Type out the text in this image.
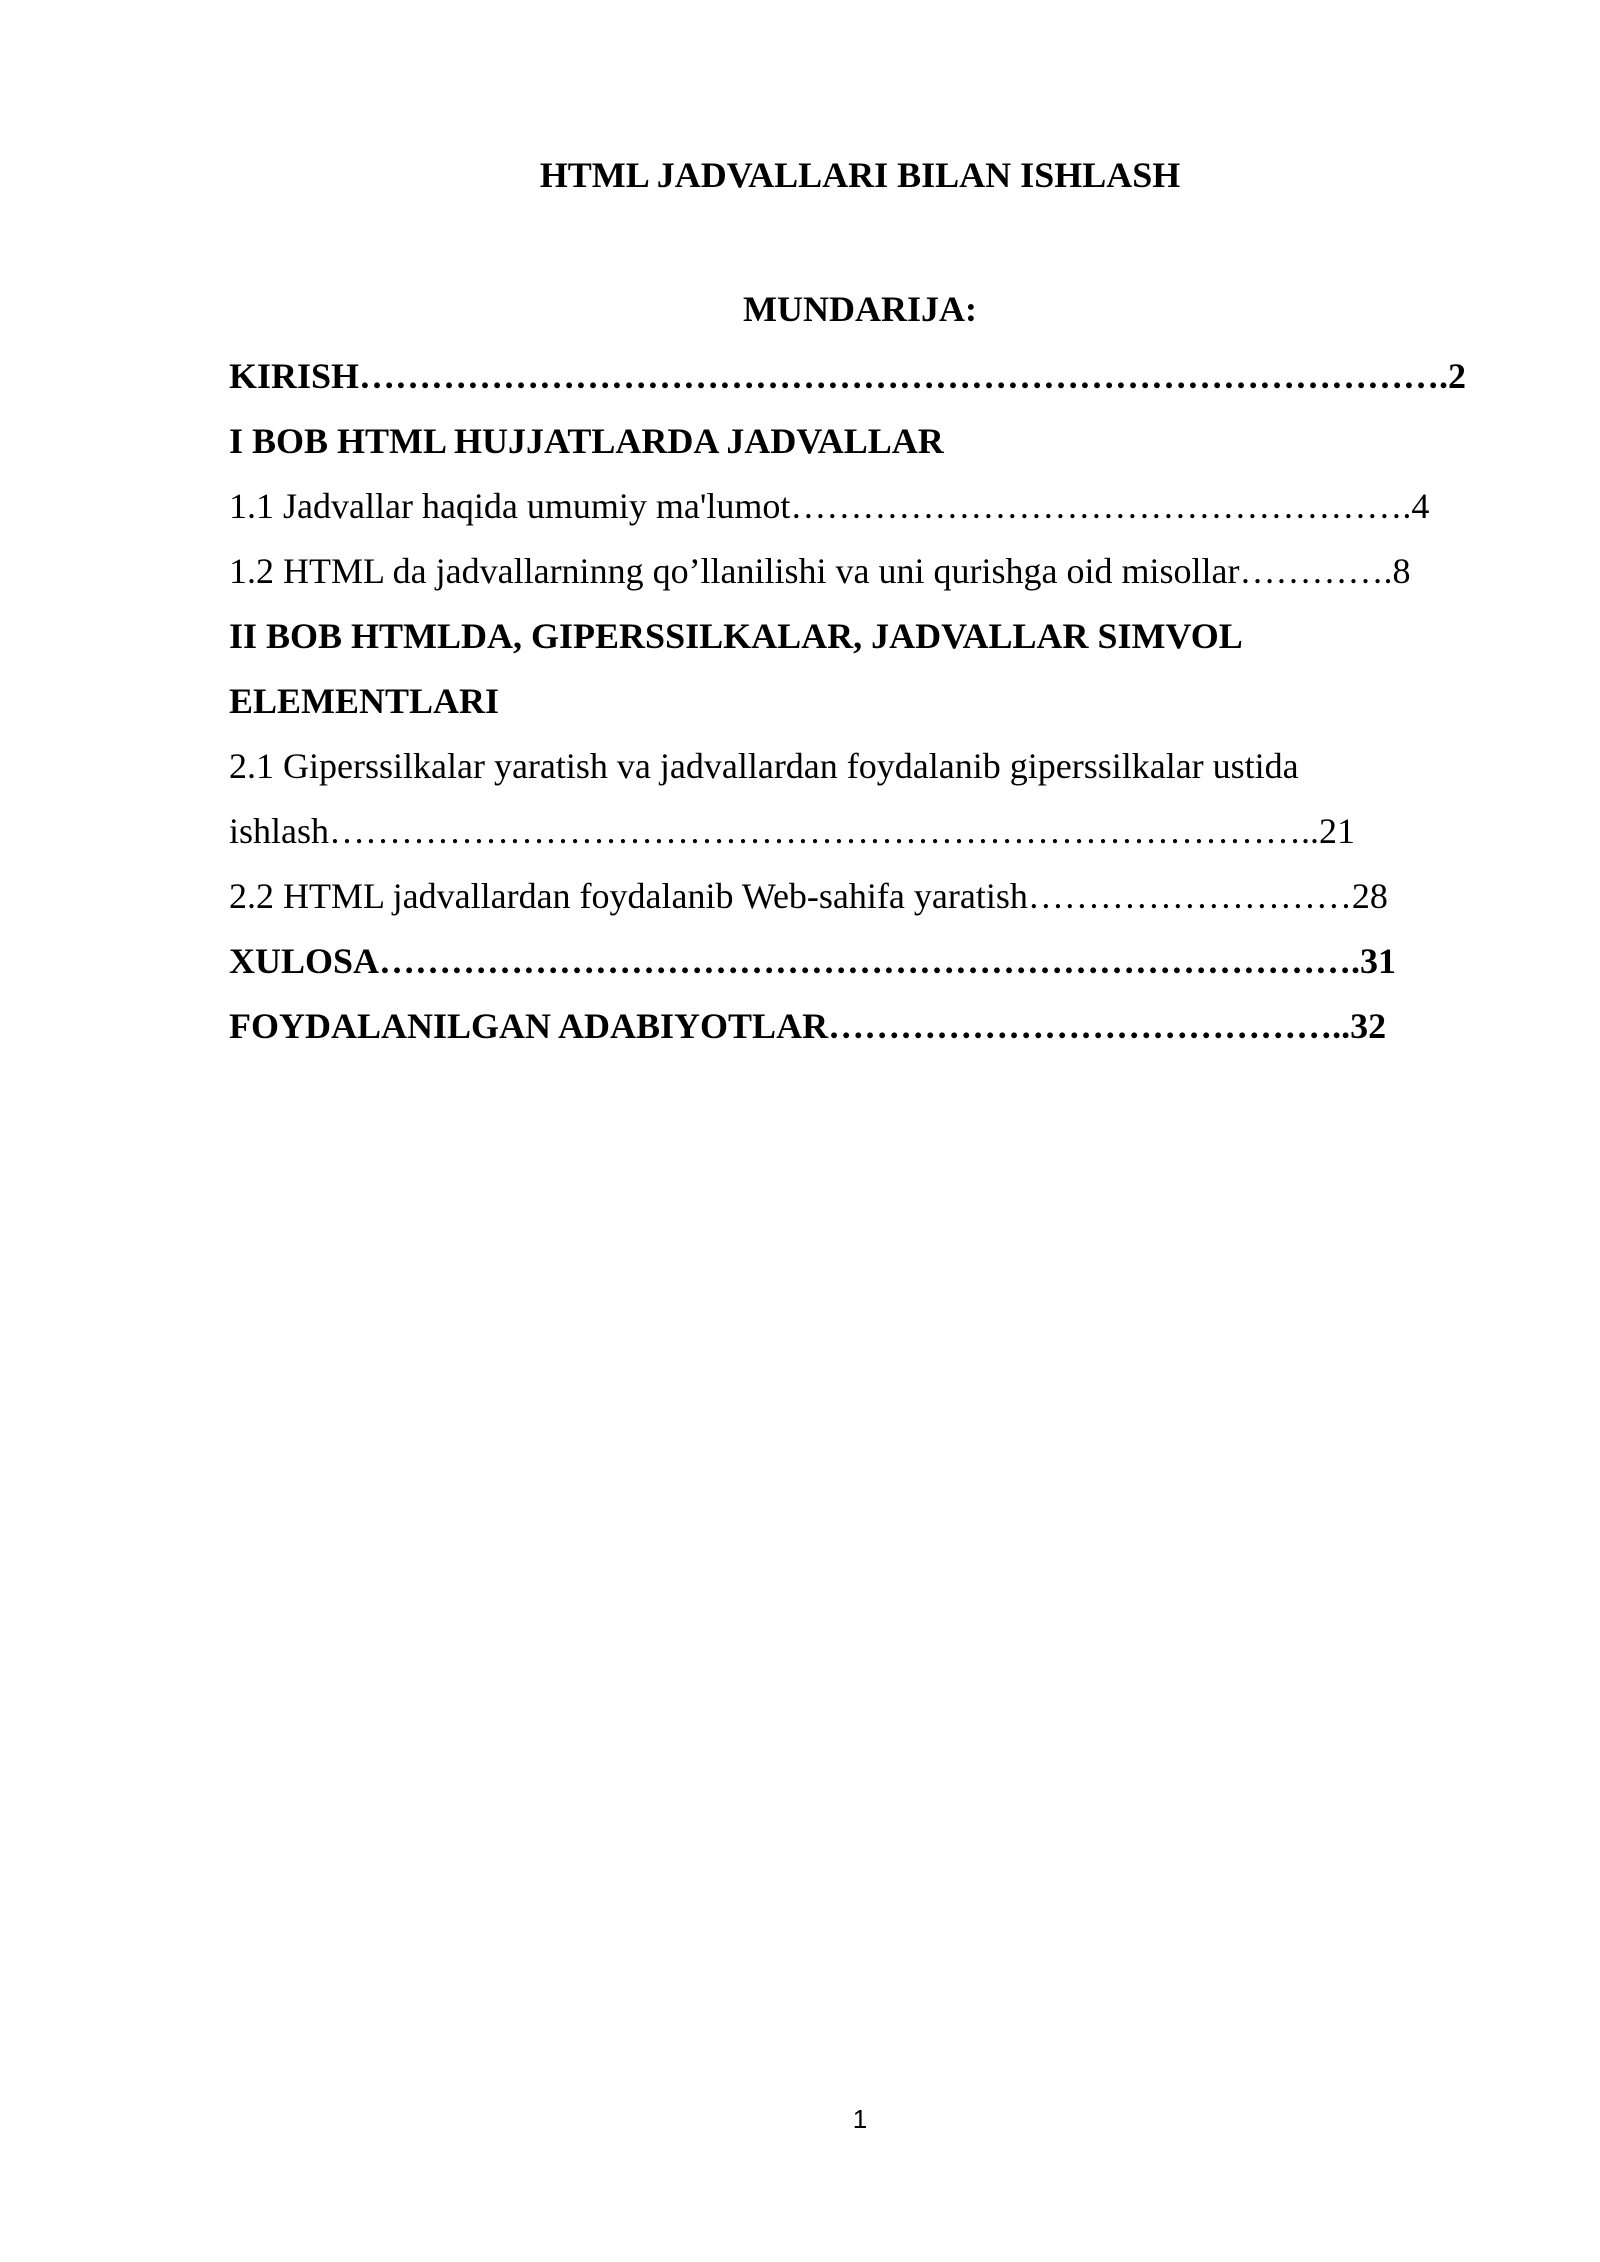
HTML JADVALLARI BILAN ISHLASH
MUNDARIJA:
KIRISH……………………………………………………………………………….2
I BOB HTML HUJJATLARDA JADVALLAR
1.1 Jadvallar haqida umumiy ma'lumot…………………………………………….4
1.2 HTML da jadvallarninng qo’llanilishi va uni qurishga oid misollar………….8
II BOB HTMLDA, GIPERSSILKALAR, JADVALLAR SIMVOL
ELEMENTLARI
2.1 Giperssilkalar yaratish va jadvallardan foydalanib giperssilkalar ustida
ishlash………………………………………………………………………..21
2.2 HTML jadvallardan foydalanib Web-sahifa yaratish………………………28
XULOSA……………………………………………………………………….31
FOYDALANILGAN ADABIYOTLAR……………………………………..32
1
